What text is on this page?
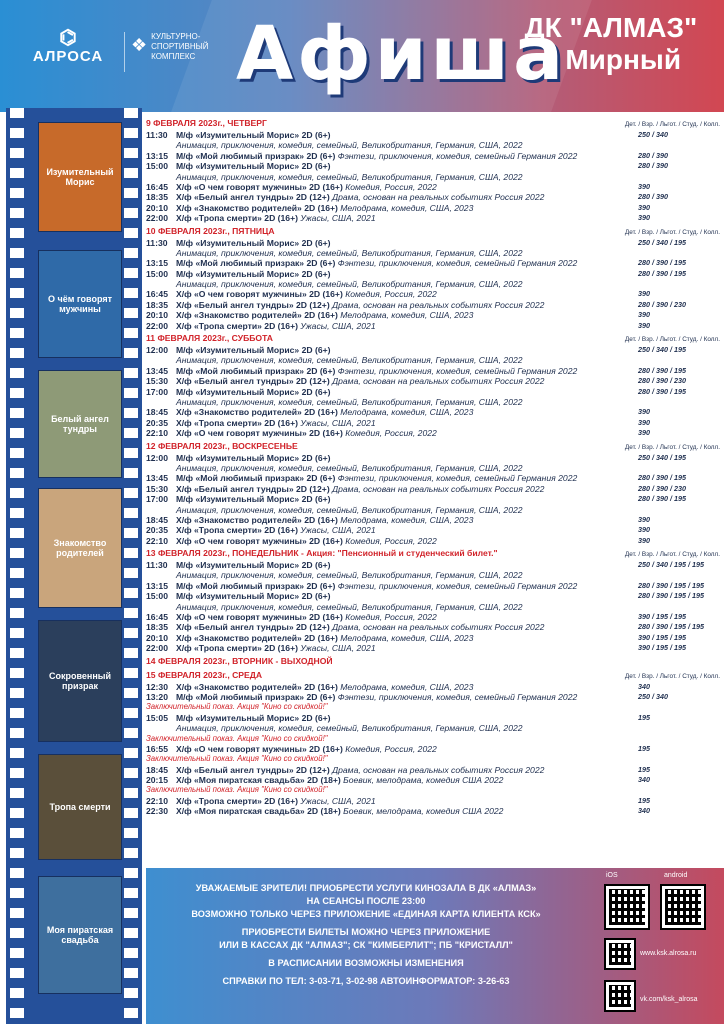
⌬
АЛРОСА
❖ КУЛЬТУРНО-
СПОРТИВНЫЙ
КОМПЛЕКС Афиша
ДК "АЛМАЗ"
г. Мирный
Изумительный Морис
О чём говорят мужчины
Белый ангел тундры
Знакомство родителей
Сокровенный призрак
Тропа смерти
Моя пиратская свадьба
9 ФЕВРАЛЯ 2023г., ЧЕТВЕРГ	Дет. / Взр. / Льгот. / Студ. / Колл.
11:30 М/ф «Изумительный Морис» 2D (6+)	250 / 340
Анимация, приключения, комедия, семейный, Великобритания, Германия, США, 2022
13:15 М/ф «Мой любимый призрак» 2D (6+) Фэнтези, приключения, комедия, семейный Германия 2022	280 / 390
15:00 М/ф «Изумительный Морис» 2D (6+)	280 / 390
Анимация, приключения, комедия, семейный, Великобритания, Германия, США, 2022
16:45 Х/ф «О чем говорят мужчины» 2D (16+) Комедия, Россия, 2022	390
18:35 Х/ф «Белый ангел тундры» 2D (12+) Драма, основан на реальных событиях Россия 2022	280 / 390
20:10 Х/ф «Знакомство родителей» 2D (16+) Мелодрама, комедия, США, 2023	390
22:00 Х/ф «Тропа смерти» 2D (16+) Ужасы, США, 2021	390
10 ФЕВРАЛЯ 2023г., ПЯТНИЦА	Дет. / Взр. / Льгот. / Студ. / Колл.
11:30 М/ф «Изумительный Морис» 2D (6+)	250 / 340 / 195
Анимация, приключения, комедия, семейный, Великобритания, Германия, США, 2022
13:15 М/ф «Мой любимый призрак» 2D (6+) Фэнтези, приключения, комедия, семейный Германия 2022	280 / 390 / 195
15:00 М/ф «Изумительный Морис» 2D (6+)	280 / 390 / 195
Анимация, приключения, комедия, семейный, Великобритания, Германия, США, 2022
16:45 Х/ф «О чем говорят мужчины» 2D (16+) Комедия, Россия, 2022	390
18:35 Х/ф «Белый ангел тундры» 2D (12+) Драма, основан на реальных событиях Россия 2022	280 / 390 / 230
20:10 Х/ф «Знакомство родителей» 2D (16+) Мелодрама, комедия, США, 2023	390
22:00 Х/ф «Тропа смерти» 2D (16+) Ужасы, США, 2021	390
11 ФЕВРАЛЯ 2023г., СУББОТА	Дет. / Взр. / Льгот. / Студ. / Колл.
12:00 М/ф «Изумительный Морис» 2D (6+)	250 / 340 / 195
Анимация, приключения, комедия, семейный, Великобритания, Германия, США, 2022
13:45 М/ф «Мой любимый призрак» 2D (6+) Фэнтези, приключения, комедия, семейный Германия 2022	280 / 390 / 195
15:30 Х/ф «Белый ангел тундры» 2D (12+) Драма, основан на реальных событиях Россия 2022	280 / 390 / 230
17:00 М/ф «Изумительный Морис» 2D (6+)	280 / 390 / 195
Анимация, приключения, комедия, семейный, Великобритания, Германия, США, 2022
18:45 Х/ф «Знакомство родителей» 2D (16+) Мелодрама, комедия, США, 2023	390
20:35 Х/ф «Тропа смерти» 2D (16+) Ужасы, США, 2021	390
22:10 Х/ф «О чем говорят мужчины» 2D (16+) Комедия, Россия, 2022	390
12 ФЕВРАЛЯ 2023г., ВОСКРЕСЕНЬЕ	Дет. / Взр. / Льгот. / Студ. / Колл.
12:00 М/ф «Изумительный Морис» 2D (6+)	250 / 340 / 195
Анимация, приключения, комедия, семейный, Великобритания, Германия, США, 2022
13:45 М/ф «Мой любимый призрак» 2D (6+) Фэнтези, приключения, комедия, семейный Германия 2022	280 / 390 / 195
15:30 Х/ф «Белый ангел тундры» 2D (12+) Драма, основан на реальных событиях Россия 2022	280 / 390 / 230
17:00 М/ф «Изумительный Морис» 2D (6+)	280 / 390 / 195
Анимация, приключения, комедия, семейный, Великобритания, Германия, США, 2022
18:45 Х/ф «Знакомство родителей» 2D (16+) Мелодрама, комедия, США, 2023	390
20:35 Х/ф «Тропа смерти» 2D (16+) Ужасы, США, 2021	390
22:10 Х/ф «О чем говорят мужчины» 2D (16+) Комедия, Россия, 2022	390
13 ФЕВРАЛЯ 2023г., ПОНЕДЕЛЬНИК - Акция: "Пенсионный и студенческий билет."	Дет. / Взр. / Льгот. / Студ. / Колл.
11:30 М/ф «Изумительный Морис» 2D (6+)	250 / 340 / 195 / 195
Анимация, приключения, комедия, семейный, Великобритания, Германия, США, 2022
13:15 М/ф «Мой любимый призрак» 2D (6+) Фэнтези, приключения, комедия, семейный Германия 2022	280 / 390 / 195 / 195
15:00 М/ф «Изумительный Морис» 2D (6+)	280 / 390 / 195 / 195
Анимация, приключения, комедия, семейный, Великобритания, Германия, США, 2022
16:45 Х/ф «О чем говорят мужчины» 2D (16+) Комедия, Россия, 2022	390 / 195 / 195
18:35 Х/ф «Белый ангел тундры» 2D (12+) Драма, основан на реальных событиях Россия 2022	280 / 390 / 195 / 195
20:10 Х/ф «Знакомство родителей» 2D (16+) Мелодрама, комедия, США, 2023	390 / 195 / 195
22:00 Х/ф «Тропа смерти» 2D (16+) Ужасы, США, 2021	390 / 195 / 195
14 ФЕВРАЛЯ 2023г., ВТОРНИК - ВЫХОДНОЙ
15 ФЕВРАЛЯ 2023г., СРЕДА	Дет. / Взр. / Льгот. / Студ. / Колл.
12:30 Х/ф «Знакомство родителей» 2D (16+) Мелодрама, комедия, США, 2023	340
13:20 М/ф «Мой любимый призрак» 2D (6+) Фэнтези, приключения, комедия, семейный Германия 2022	250 / 340
Заключительный показ. Акция "Кино со скидкой!"
15:05 М/ф «Изумительный Морис» 2D (6+)	195
Анимация, приключения, комедия, семейный, Великобритания, Германия, США, 2022
Заключительный показ. Акция "Кино со скидкой!"
16:55 Х/ф «О чем говорят мужчины» 2D (16+) Комедия, Россия, 2022	195
Заключительный показ. Акция "Кино со скидкой!"
18:45 Х/ф «Белый ангел тундры» 2D (12+) Драма, основан на реальных событиях Россия 2022	195
20:15 Х/ф «Моя пиратская свадьба» 2D (18+) Боевик, мелодрама, комедия США 2022	340
Заключительный показ. Акция "Кино со скидкой!"
22:10 Х/ф «Тропа смерти» 2D (16+) Ужасы, США, 2021	195
22:30 Х/ф «Моя пиратская свадьба» 2D (18+) Боевик, мелодрама, комедия США 2022	340

УВАЖАЕМЫЕ ЗРИТЕЛИ! ПРИОБРЕСТИ УСЛУГИ КИНОЗАЛА В ДК «АЛМАЗ»
НА СЕАНСЫ ПОСЛЕ 23:00
ВОЗМОЖНО ТОЛЬКО ЧЕРЕЗ ПРИЛОЖЕНИЕ «ЕДИНАЯ КАРТА КЛИЕНТА КСК»

ПРИОБРЕСТИ БИЛЕТЫ МОЖНО ЧЕРЕЗ ПРИЛОЖЕНИЕ
ИЛИ В КАССАХ ДК "АЛМАЗ"; СК "КИМБЕРЛИТ"; ПБ "КРИСТАЛЛ"

В РАСПИСАНИИ ВОЗМОЖНЫ ИЗМЕНЕНИЯ

СПРАВКИ ПО ТЕЛ: 3-03-71, 3-02-98 АВТОИНФОРМАТОР: 3-26-63

iOS	android
www.ksk.alrosa.ru
vk.com/ksk_alrosa
